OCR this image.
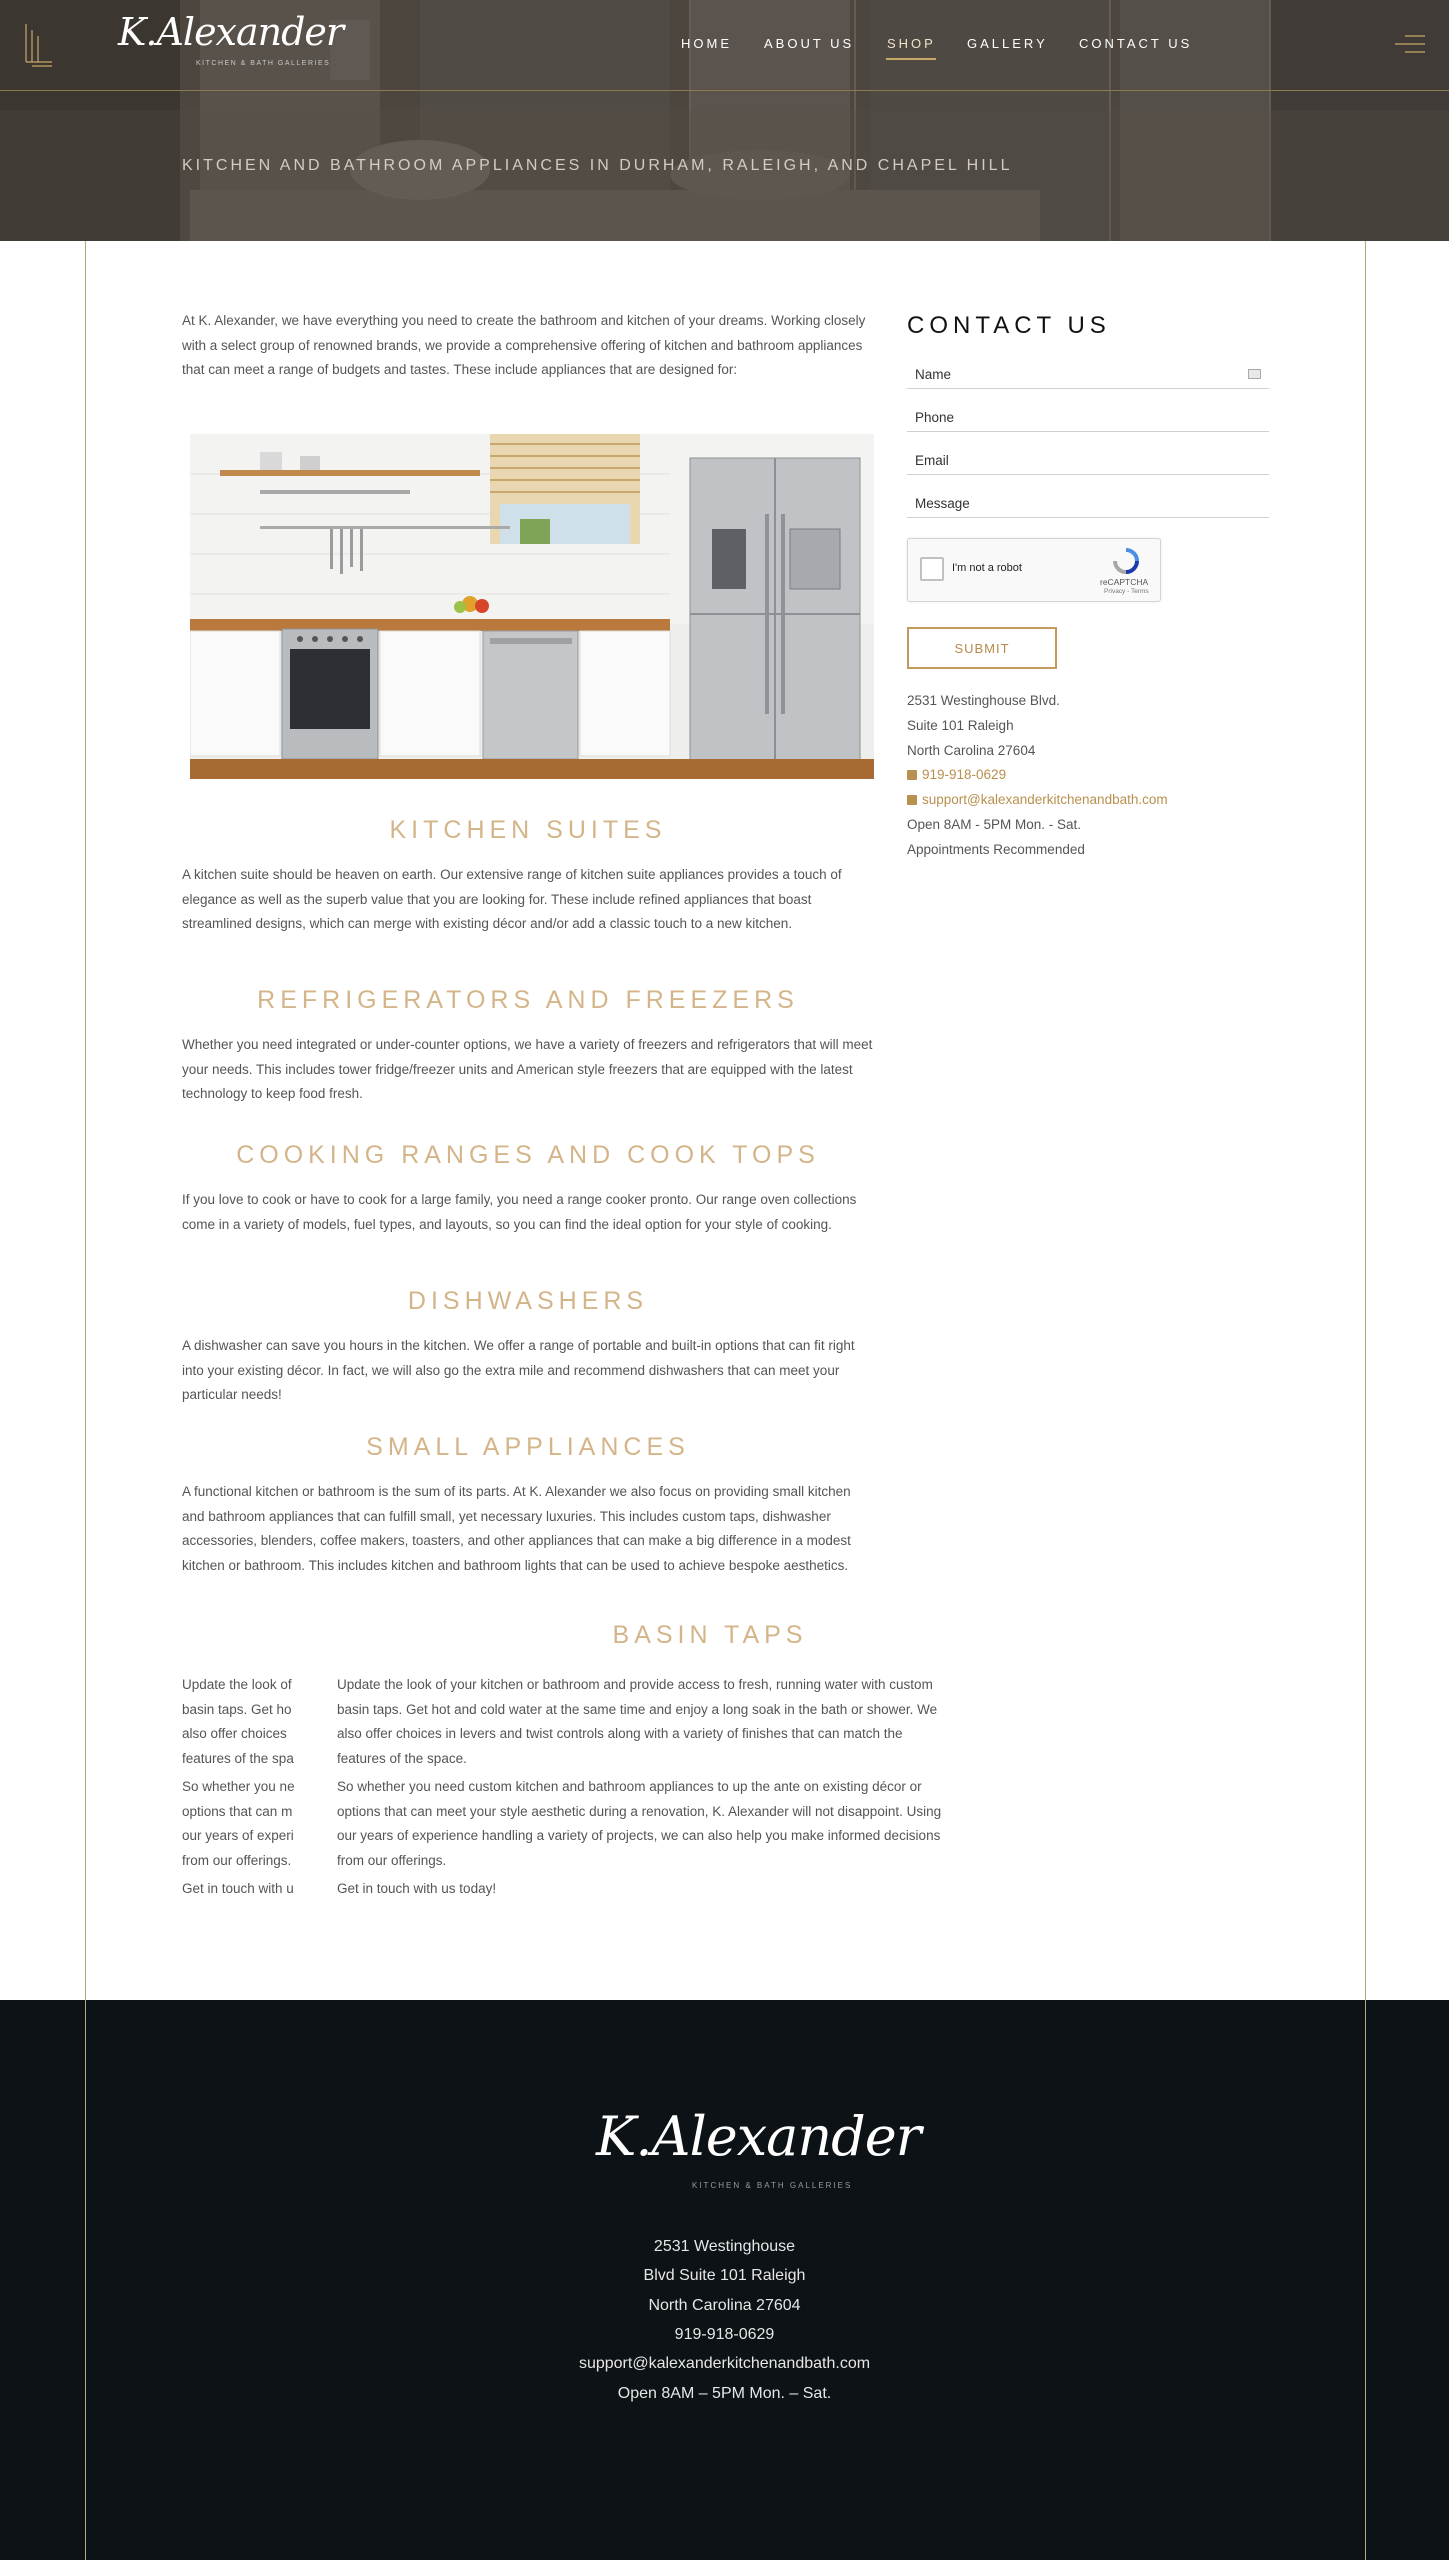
K.Alexander
KITCHEN & BATH GALLERIES
HOME ABOUT US	SHOP GALLERY CONTACT US
KITCHEN AND BATHROOM APPLIANCES IN DURHAM, RALEIGH, AND CHAPEL HILL

At K. Alexander, we have everything you need to create the bathroom and kitchen of your dreams. Working closely with a select group of renowned brands, we provide a comprehensive offering of kitchen and bathroom appliances that can meet a range of budgets and tastes. These include appliances that are designed for:

KITCHEN SUITES

A kitchen suite should be heaven on earth. Our extensive range of kitchen suite appliances provides a touch of elegance as well as the superb value that you are looking for. These include refined appliances that boast streamlined designs, which can merge with existing décor and/or add a classic touch to a new kitchen.

REFRIGERATORS AND FREEZERS

Whether you need integrated or under-counter options, we have a variety of freezers and refrigerators that will meet your needs. This includes tower fridge/freezer units and American style freezers that are equipped with the latest technology to keep food fresh.

COOKING RANGES AND COOK TOPS

If you love to cook or have to cook for a large family, you need a range cooker pronto. Our range oven collections come in a variety of models, fuel types, and layouts, so you can find the ideal option for your style of cooking.

DISHWASHERS

A dishwasher can save you hours in the kitchen. We offer a range of portable and built-in options that can fit right into your existing décor. In fact, we will also go the extra mile and recommend dishwashers that can meet your particular needs!

SMALL APPLIANCES

A functional kitchen or bathroom is the sum of its parts. At K. Alexander we also focus on providing small kitchen and bathroom appliances that can fulfill small, yet necessary luxuries. This includes custom taps, dishwasher accessories, blenders, coffee makers, toasters, and other appliances that can make a big difference in a modest kitchen or bathroom. This includes kitchen and bathroom lights that can be used to achieve bespoke aesthetics.

BASIN TAPS
Update the look of
basin taps. Get ho
also offer choices
features of the spa
So whether you ne
options that can m
our years of experi
from our offerings.
Get in touch with u
Update the look of your kitchen or bathroom and provide access to fresh, running water with custom
basin taps. Get hot and cold water at the same time and enjoy a long soak in the bath or shower. We
also offer choices in levers and twist controls along with a variety of finishes that can match the
features of the space.
So whether you need custom kitchen and bathroom appliances to up the ante on existing décor or
options that can meet your style aesthetic during a renovation, K. Alexander will not disappoint. Using
our years of experience handling a variety of projects, we can also help you make informed decisions
from our offerings.
Get in touch with us today!
CONTACT US
Name
Phone
Email
Message
I'm not a robot
reCAPTCHA
Privacy - Terms
SUBMIT
2531 Westinghouse Blvd.
Suite 101 Raleigh
North Carolina 27604
919-918-0629
support@kalexanderkitchenandbath.com
Open 8AM - 5PM Mon. - Sat.
Appointments Recommended
K.Alexander
KITCHEN & BATH GALLERIES
2531 Westinghouse
Blvd Suite 101 Raleigh
North Carolina 27604
919-918-0629
support@kalexanderkitchenandbath.com
Open 8AM – 5PM Mon. – Sat.
